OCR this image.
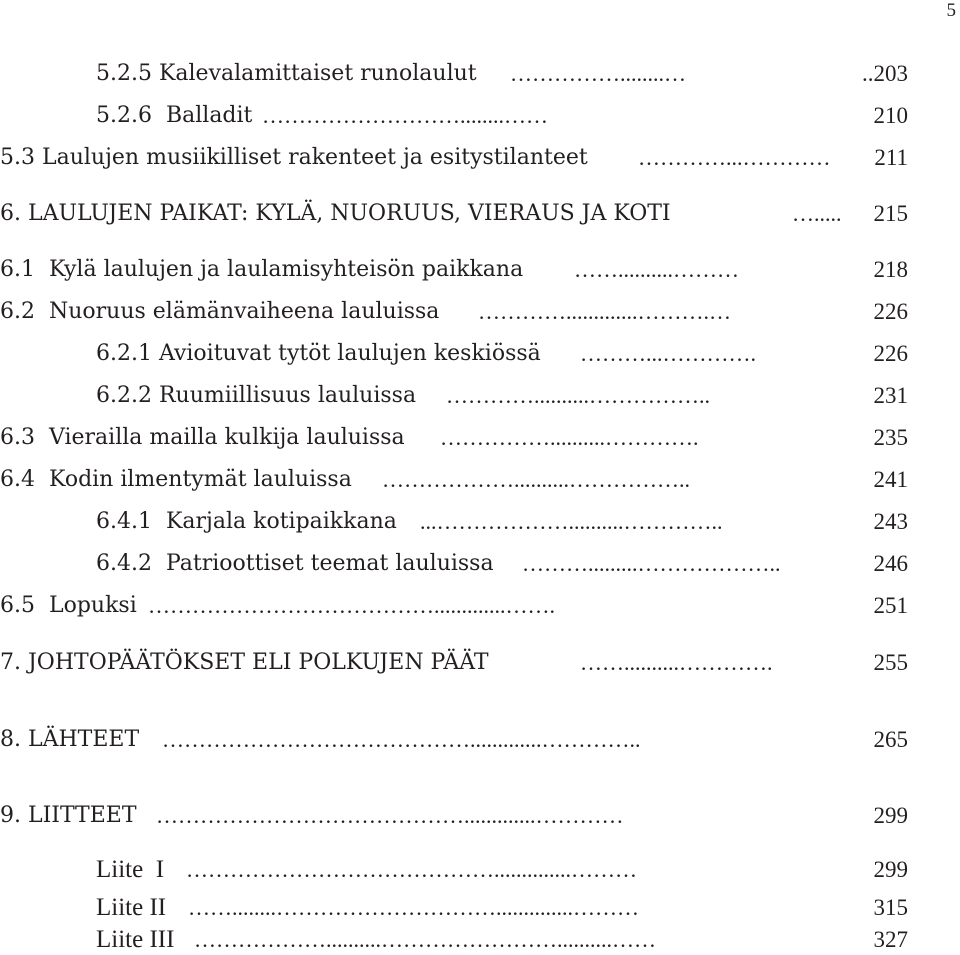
5
5.2.5 Kalevalamittaiset runolaulut ……………........…	..203
5.2.6  Balladit ………………………........……	210
5.3 Laulujen musiikilliset rakenteet ja esitystilanteet …………...…………	211
6. LAULUJEN PAIKAT: KYLÄ, NUORUUS, VIERAUS JA KOTI	….....	215
6.1  Kylä laulujen ja laulamisyhteisön paikkana ……..........………	218
6.2  Nuoruus elämänvaiheena lauluissa ………….............……….…	226
6.2.1 Avioituvat tytöt laulujen keskiössä ………...………….	226
6.2.2 Ruumiillisuus lauluissa …………..........……………..	231
6.3  Vierailla mailla kulkija lauluissa ……………..........………….	235
6.4  Kodin ilmentymät lauluissa ………………..........……………..	241
6.4.1  Karjala kotipaikkana ...………………..........…………..	243
6.4.2  Patrioottiset teemat lauluissa ……….........………………..	246
6.5  Lopuksi ………………………………….............…….	251
7. JOHTOPÄÄTÖKSET ELI POLKUJEN PÄÄT	……..........………….	255
8. LÄHTEET …………………………………….............…………..	265
9. LIITTEET …………………………………….............…………	299
Liite  I ……………………………………..............………	299
Liite II ……........…………………………..............………	315
Liite III ………………..........……………………..........……	327
